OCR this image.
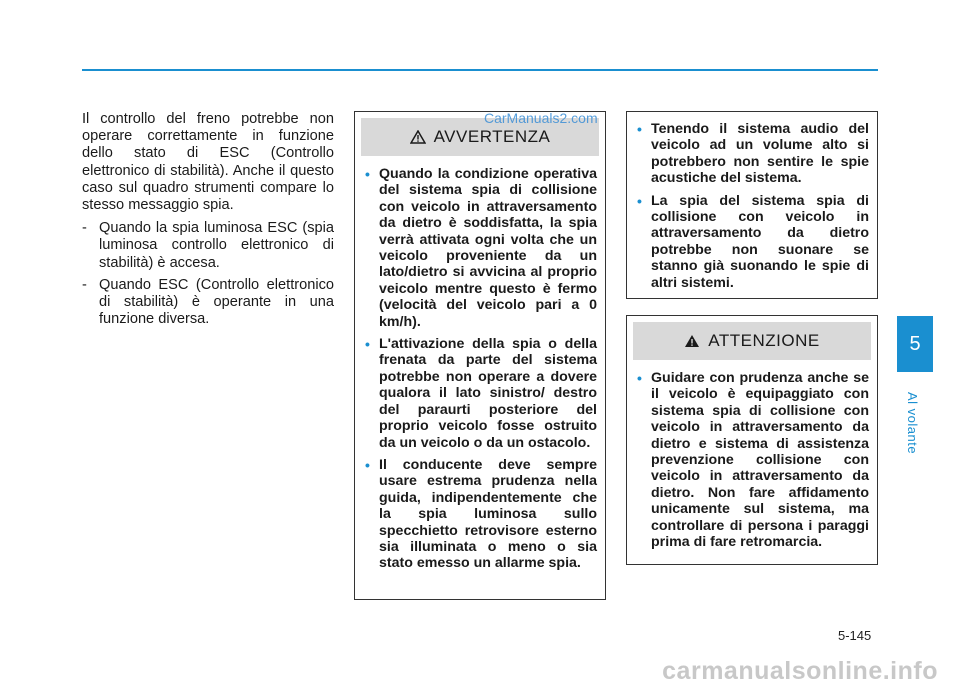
Il controllo del freno potrebbe non operare correttamente in funzione dello stato di ESC (Controllo elettronico di stabilità). Anche il questo caso sul quadro strumenti compare lo stesso messaggio spia.

- Quando la spia luminosa ESC (spia luminosa controllo elettronico di stabilità) è accesa.
- Quando ESC (Controllo elettronico di stabilità) è operante in una funzione diversa.
AVVERTENZA
• Quando la condizione operativa del sistema spia di collisione con veicolo in attraversamento da dietro è soddisfatta, la spia verrà attivata ogni volta che un veicolo proveniente da un lato/dietro si avvicina al proprio veicolo mentre questo è fermo (velocità del veicolo pari a 0 km/h).
• L'attivazione della spia o della frenata da parte del sistema potrebbe non operare a dovere qualora il lato sinistro/ destro del paraurti posteriore del proprio veicolo fosse ostruito da un veicolo o da un ostacolo.
• Il conducente deve sempre usare estrema prudenza nella guida, indipendentemente che la spia luminosa sullo specchietto retrovisore esterno sia illuminata o meno o sia stato emesso un allarme spia.
CarManuals2.com
• Tenendo il sistema audio del veicolo ad un volume alto si potrebbero non sentire le spie acustiche del sistema.
• La spia del sistema spia di collisione con veicolo in attraversamento da dietro potrebbe non suonare se stanno già suonando le spie di altri sistemi.
ATTENZIONE
• Guidare con prudenza anche se il veicolo è equipaggiato con sistema spia di collisione con veicolo in attraversamento da dietro e sistema di assistenza prevenzione collisione con veicolo in attraversamento da dietro. Non fare affidamento unicamente sul sistema, ma controllare di persona i paraggi prima di fare retromarcia.
5
Al volante
5-145
carmanualsonline.info
